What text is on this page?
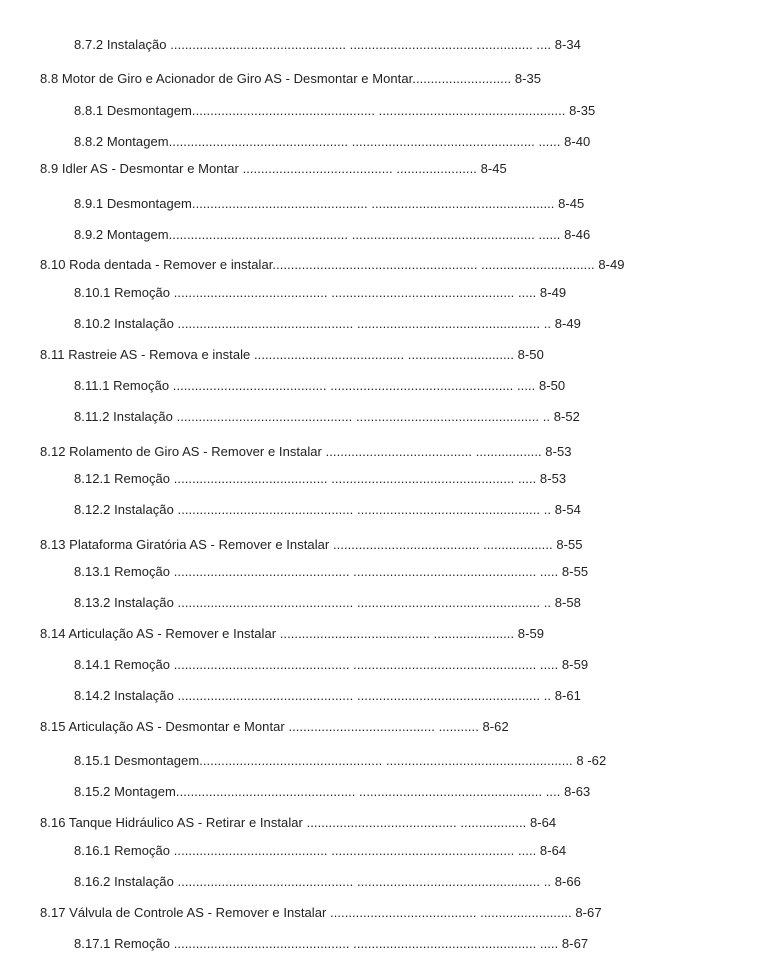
8.7.2 Instalação ................................................ .................................................. .... 8-34
8.8 Motor de Giro e Acionador de Giro AS - Desmontar e Montar........................... 8-35
8.8.1 Desmontagem.................................................. ................................................... 8-35
8.8.2 Montagem................................................. .................................................. ...... 8-40
8.9 Idler AS - Desmontar e Montar ......................................... ...................... 8-45
8.9.1 Desmontagem................................................ .................................................. 8-45
8.9.2 Montagem................................................. .................................................. ...... 8-46
8.10 Roda dentada - Remover e instalar........................................................ ............................... 8-49
8.10.1 Remoção .......................................... .................................................. ..... 8-49
8.10.2 Instalação ................................................ .................................................. .. 8-49
8.11 Rastreie AS - Remova e instale ......................................... ............................. 8-50
8.11.1 Remoção .......................................... .................................................. ..... 8-50
8.11.2 Instalação ................................................ .................................................. .. 8-52
8.12 Rolamento de Giro AS - Remover e Instalar ........................................ .................. 8-53
8.12.1 Remoção .......................................... .................................................. ..... 8-53
8.12.2 Instalação ................................................ .................................................. .. 8-54
8.13 Plataforma Giratória AS - Remover e Instalar ........................................ ................... 8-55
8.13.1 Remoção ................................................ .................................................. ..... 8-55
8.13.2 Instalação ................................................ .................................................. .. 8-58
8.14 Articulação AS - Remover e Instalar ......................................... ...................... 8-59
8.14.1 Remoção ................................................ .................................................. ..... 8-59
8.14.2 Instalação ................................................ .................................................. .. 8-61
8.15 Articulação AS - Desmontar e Montar ........................................ ........... 8-62
8.15.1 Desmontagem.................................................. ................................................... 8 -62
8.15.2 Montagem................................................. .................................................. .... 8-63
8.16 Tanque Hidráulico AS - Retirar e Instalar ......................................... .................. 8-64
8.16.1 Remoção .......................................... .................................................. ..... 8-64
8.16.2 Instalação ................................................ .................................................. .. 8-66
8.17 Válvula de Controle AS - Remover e Instalar ........................................ ......................... 8-67
8.17.1 Remoção ................................................ .................................................. ..... 8-67
